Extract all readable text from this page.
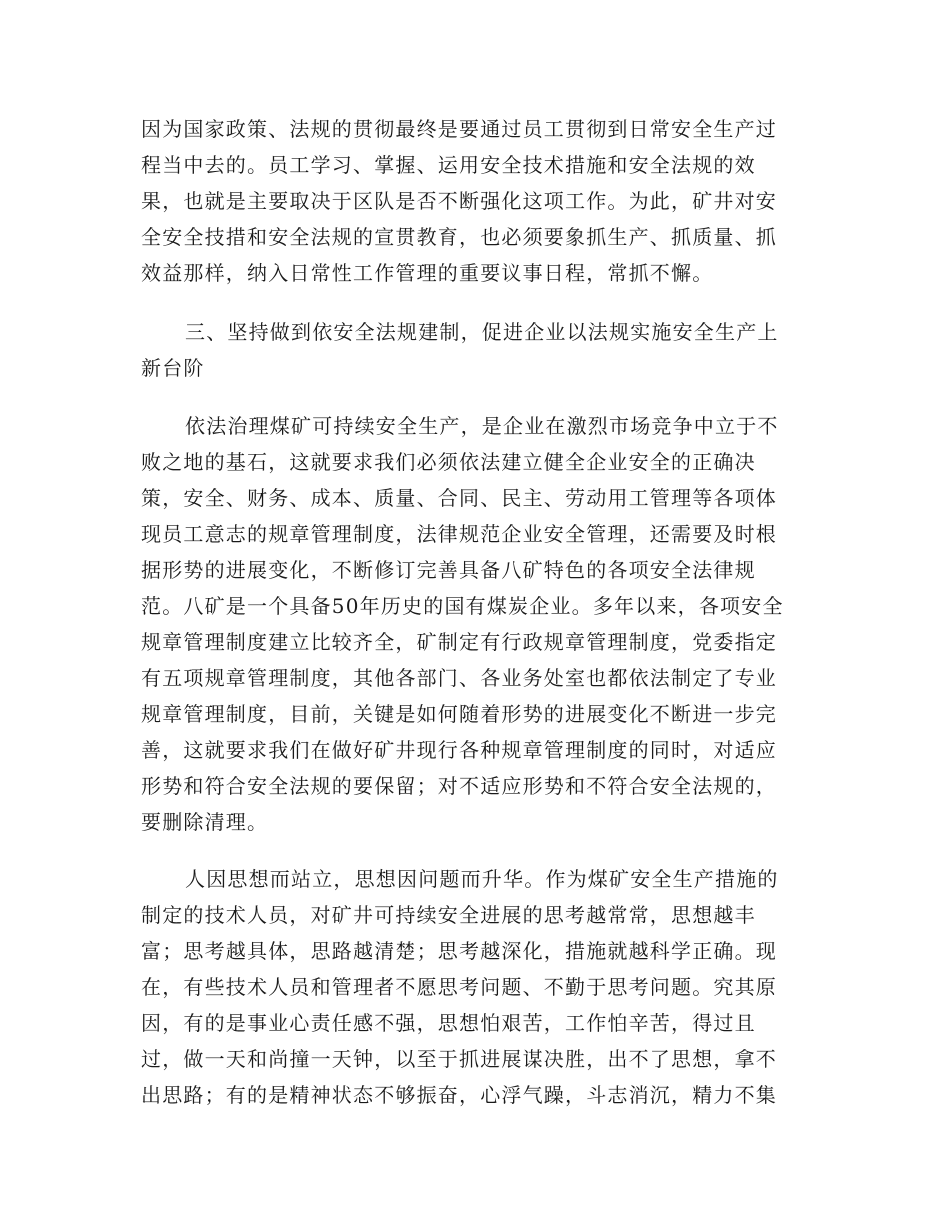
因为国家政策、法规的贯彻最终是要通过员工贯彻到日常安全生产过
程当中去的。员工学习、掌握、运用安全技术措施和安全法规的效
果，也就是主要取决于区队是否不断强化这项工作。为此，矿井对安
全安全技措和安全法规的宣贯教育，也必须要象抓生产、抓质量、抓
效益那样，纳入日常性工作管理的重要议事日程，常抓不懈。
三、坚持做到依安全法规建制，促进企业以法规实施安全生产上
新台阶
依法治理煤矿可持续安全生产，是企业在激烈市场竞争中立于不
败之地的基石，这就要求我们必须依法建立健全企业安全的正确决
策，安全、财务、成本、质量、合同、民主、劳动用工管理等各项体
现员工意志的规章管理制度，法律规范企业安全管理，还需要及时根
据形势的进展变化，不断修订完善具备八矿特色的各项安全法律规
范。八矿是一个具备50年历史的国有煤炭企业。多年以来，各项安全
规章管理制度建立比较齐全，矿制定有行政规章管理制度，党委指定
有五项规章管理制度，其他各部门、各业务处室也都依法制定了专业
规章管理制度，目前，关键是如何随着形势的进展变化不断进一步完
善，这就要求我们在做好矿井现行各种规章管理制度的同时，对适应
形势和符合安全法规的要保留；对不适应形势和不符合安全法规的，
要删除清理。
人因思想而站立，思想因问题而升华。作为煤矿安全生产措施的
制定的技术人员，对矿井可持续安全进展的思考越常常，思想越丰
富；思考越具体，思路越清楚；思考越深化，措施就越科学正确。现
在，有些技术人员和管理者不愿思考问题、不勤于思考问题。究其原
因，有的是事业心责任感不强，思想怕艰苦，工作怕辛苦，得过且
过，做一天和尚撞一天钟，以至于抓进展谋决胜，出不了思想，拿不
出思路；有的是精神状态不够振奋，心浮气躁，斗志消沉，精力不集
